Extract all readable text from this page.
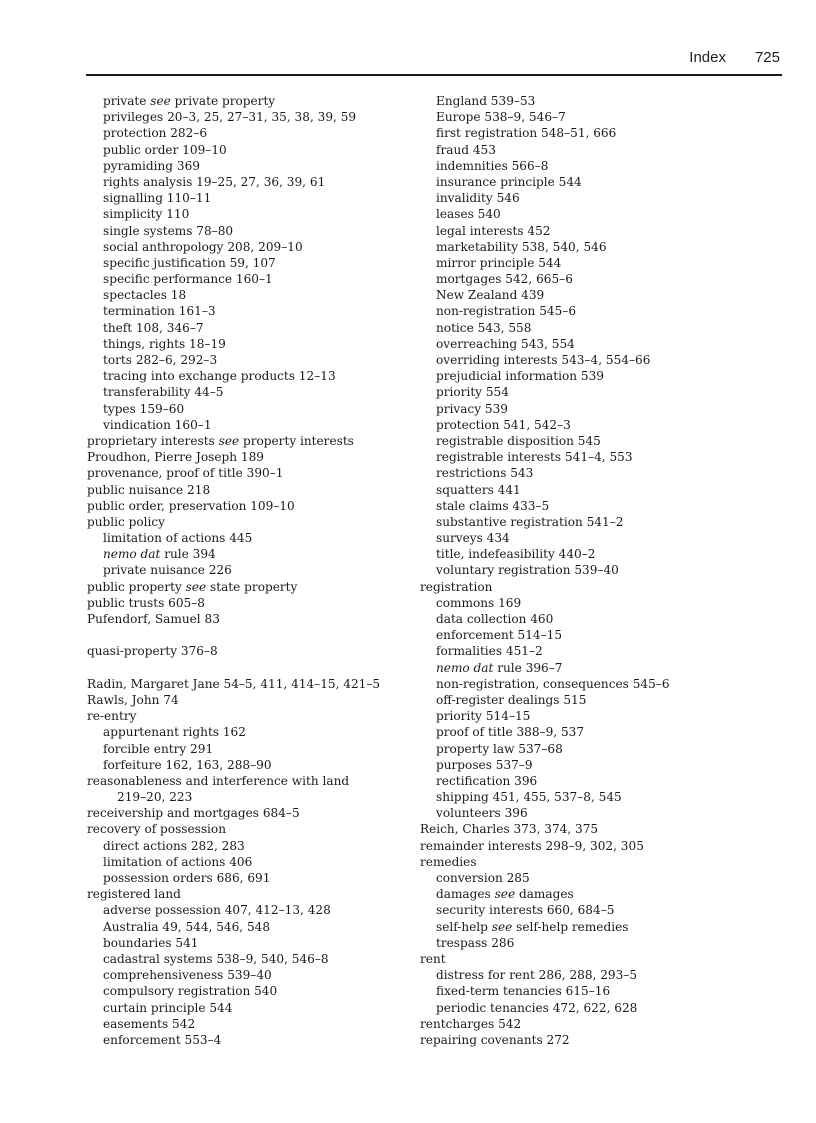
Index 725
private see private property
privileges 20–3, 25, 27–31, 35, 38, 39, 59
protection 282–6
public order 109–10
pyramiding 369
rights analysis 19–25, 27, 36, 39, 61
signalling 110–11
simplicity 110
single systems 78–80
social anthropology 208, 209–10
specific justification 59, 107
specific performance 160–1
spectacles 18
termination 161–3
theft 108, 346–7
things, rights 18–19
torts 282–6, 292–3
tracing into exchange products 12–13
transferability 44–5
types 159–60
vindication 160–1
proprietary interests see property interests
Proudhon, Pierre Joseph 189
provenance, proof of title 390–1
public nuisance 218
public order, preservation 109–10
public policy
limitation of actions 445
nemo dat rule 394
private nuisance 226
public property see state property
public trusts 605–8
Pufendorf, Samuel 83
quasi-property 376–8
Radin, Margaret Jane 54–5, 411, 414–15, 421–5
Rawls, John 74
re-entry
appurtenant rights 162
forcible entry 291
forfeiture 162, 163, 288–90
reasonableness and interference with land
219–20, 223
receivership and mortgages 684–5
recovery of possession
direct actions 282, 283
limitation of actions 406
possession orders 686, 691
registered land
adverse possession 407, 412–13, 428
Australia 49, 544, 546, 548
boundaries 541
cadastral systems 538–9, 540, 546–8
comprehensiveness 539–40
compulsory registration 540
curtain principle 544
easements 542
enforcement 553–4
England 539–53
Europe 538–9, 546–7
first registration 548–51, 666
fraud 453
indemnities 566–8
insurance principle 544
invalidity 546
leases 540
legal interests 452
marketability 538, 540, 546
mirror principle 544
mortgages 542, 665–6
New Zealand 439
non-registration 545–6
notice 543, 558
overreaching 543, 554
overriding interests 543–4, 554–66
prejudicial information 539
priority 554
privacy 539
protection 541, 542–3
registrable disposition 545
registrable interests 541–4, 553
restrictions 543
squatters 441
stale claims 433–5
substantive registration 541–2
surveys 434
title, indefeasibility 440–2
voluntary registration 539–40
registration
commons 169
data collection 460
enforcement 514–15
formalities 451–2
nemo dat rule 396–7
non-registration, consequences 545–6
off-register dealings 515
priority 514–15
proof of title 388–9, 537
property law 537–68
purposes 537–9
rectification 396
shipping 451, 455, 537–8, 545
volunteers 396
Reich, Charles 373, 374, 375
remainder interests 298–9, 302, 305
remedies
conversion 285
damages see damages
security interests 660, 684–5
self-help see self-help remedies
trespass 286
rent
distress for rent 286, 288, 293–5
fixed-term tenancies 615–16
periodic tenancies 472, 622, 628
rentcharges 542
repairing covenants 272
